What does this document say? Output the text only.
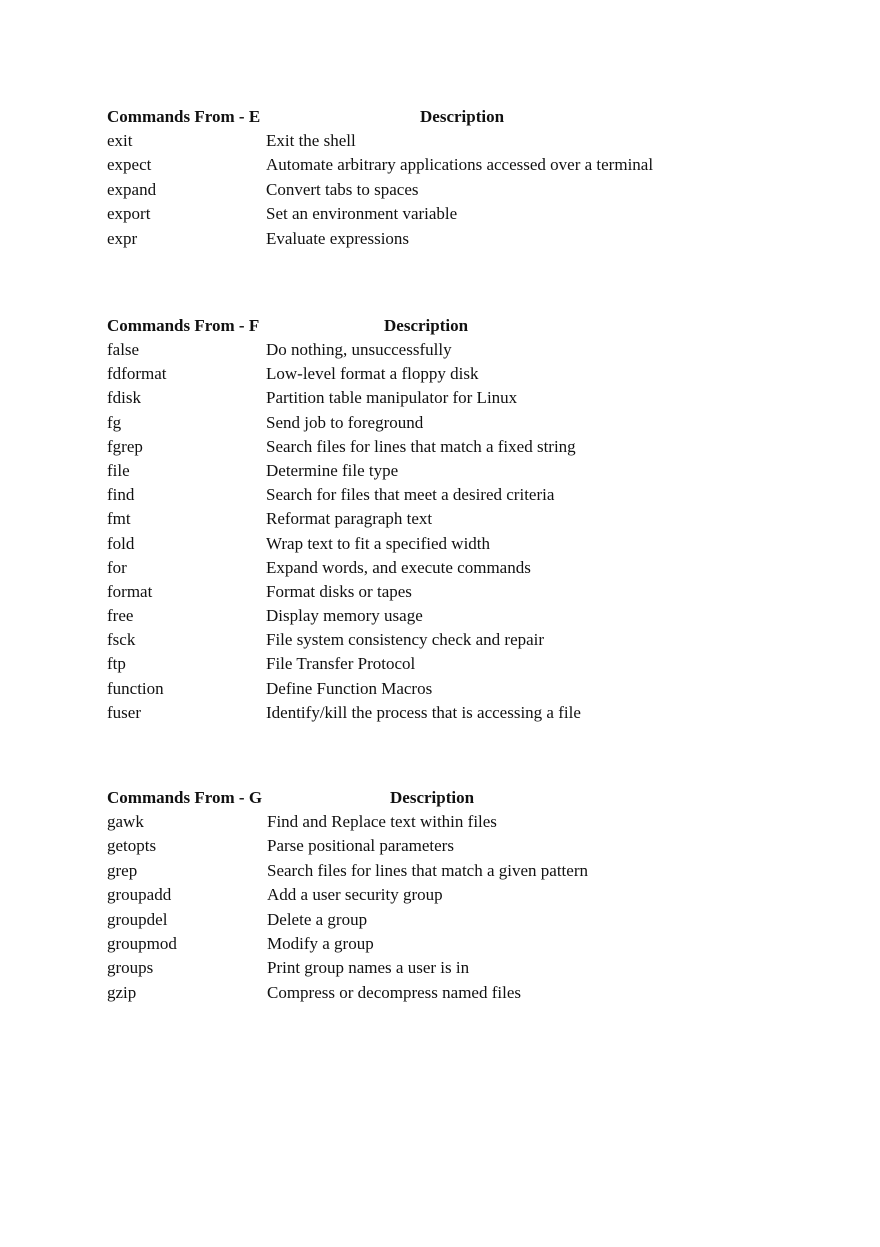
Commands From - E	Description
exit	Exit the shell
expect	Automate arbitrary applications accessed over a terminal
expand	Convert tabs to spaces
export	Set an environment variable
expr	Evaluate expressions
Commands From - F	Description
false	Do nothing, unsuccessfully
fdformat	Low-level format a floppy disk
fdisk	Partition table manipulator for Linux
fg	Send job to foreground
fgrep	Search files for lines that match a fixed string
file	Determine file type
find	Search for files that meet a desired criteria
fmt	Reformat paragraph text
fold	Wrap text to fit a specified width
for	Expand words, and execute commands
format	Format disks or tapes
free	Display memory usage
fsck	File system consistency check and repair
ftp	File Transfer Protocol
function	Define Function Macros
fuser	Identify/kill the process that is accessing a file
Commands From - G	Description
gawk	Find and Replace text within files
getopts	Parse positional parameters
grep	Search files for lines that match a given pattern
groupadd	Add a user security group
groupdel	Delete a group
groupmod	Modify a group
groups	Print group names a user is in
gzip	Compress or decompress named files
